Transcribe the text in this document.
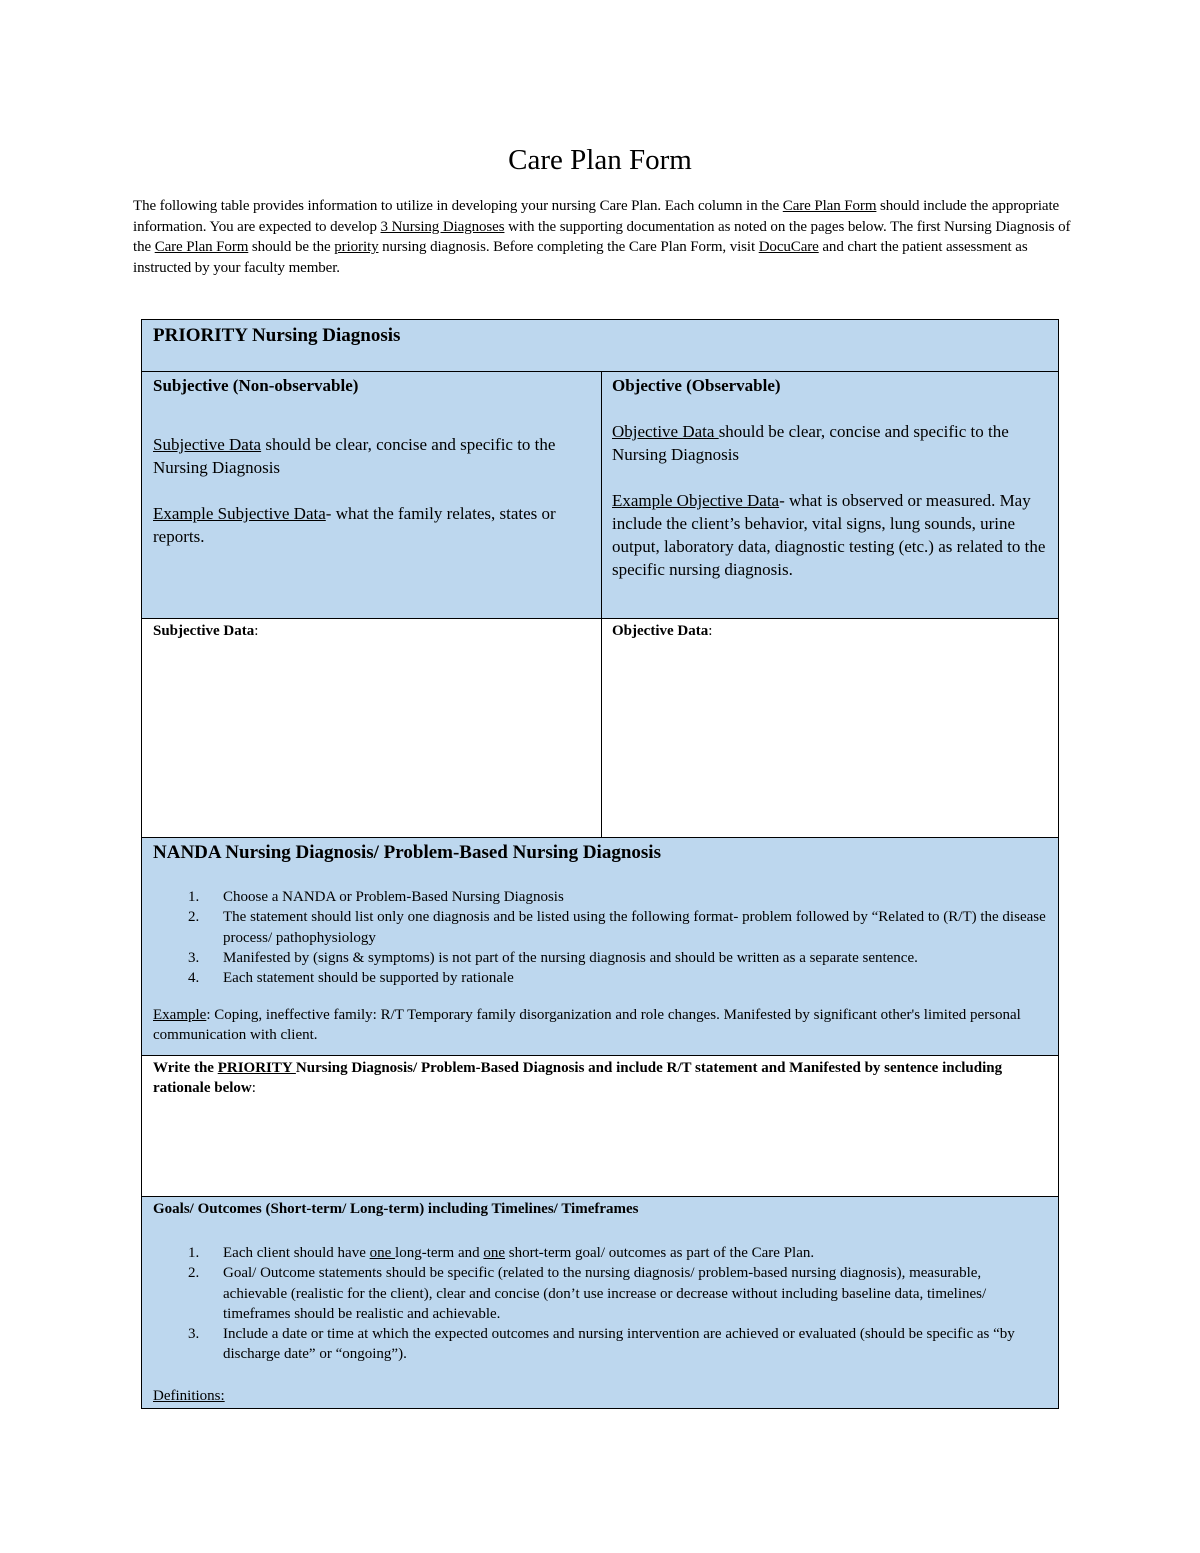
Care Plan Form

The following table provides information to utilize in developing your nursing Care Plan. Each column in the Care Plan Form should include the appropriate information. You are expected to develop 3 Nursing Diagnoses with the supporting documentation as noted on the pages below. The first Nursing Diagnosis of the Care Plan Form should be the priority nursing diagnosis. Before completing the Care Plan Form, visit DocuCare and chart the patient assessment as instructed by your faculty member.

PRIORITY Nursing Diagnosis

Subjective (Non-observable)

Subjective Data should be clear, concise and specific to the
Nursing Diagnosis

Example Subjective Data- what the family relates, states or reports.

Objective (Observable)

Objective Data should be clear, concise and specific to the Nursing Diagnosis

Example Objective Data- what is observed or measured. May include the client’s behavior, vital signs, lung sounds, urine output, laboratory data, diagnostic testing (etc.) as related to the specific nursing diagnosis.

Subjective Data:	Objective Data:

NANDA Nursing Diagnosis/ Problem-Based Nursing Diagnosis

1. Choose a NANDA or Problem-Based Nursing Diagnosis
2. The statement should list only one diagnosis and be listed using the following format- problem followed by “Related to (R/T) the disease process/ pathophysiology
3. Manifested by (signs & symptoms) is not part of the nursing diagnosis and should be written as a separate sentence.
4. Each statement should be supported by rationale

Example: Coping, ineffective family: R/T Temporary family disorganization and role changes. Manifested by significant other's limited personal communication with client.

Write the PRIORITY Nursing Diagnosis/ Problem-Based Diagnosis and include R/T statement and Manifested by sentence including rationale below:

Goals/ Outcomes (Short-term/ Long-term) including Timelines/ Timeframes

1. Each client should have one long-term and one short-term goal/ outcomes as part of the Care Plan.
2. Goal/ Outcome statements should be specific (related to the nursing diagnosis/ problem-based nursing diagnosis), measurable, achievable (realistic for the client), clear and concise (don’t use increase or decrease without including baseline data, timelines/ timeframes should be realistic and achievable.
3. Include a date or time at which the expected outcomes and nursing intervention are achieved or evaluated (should be specific as “by discharge date” or “ongoing”).

Definitions:
